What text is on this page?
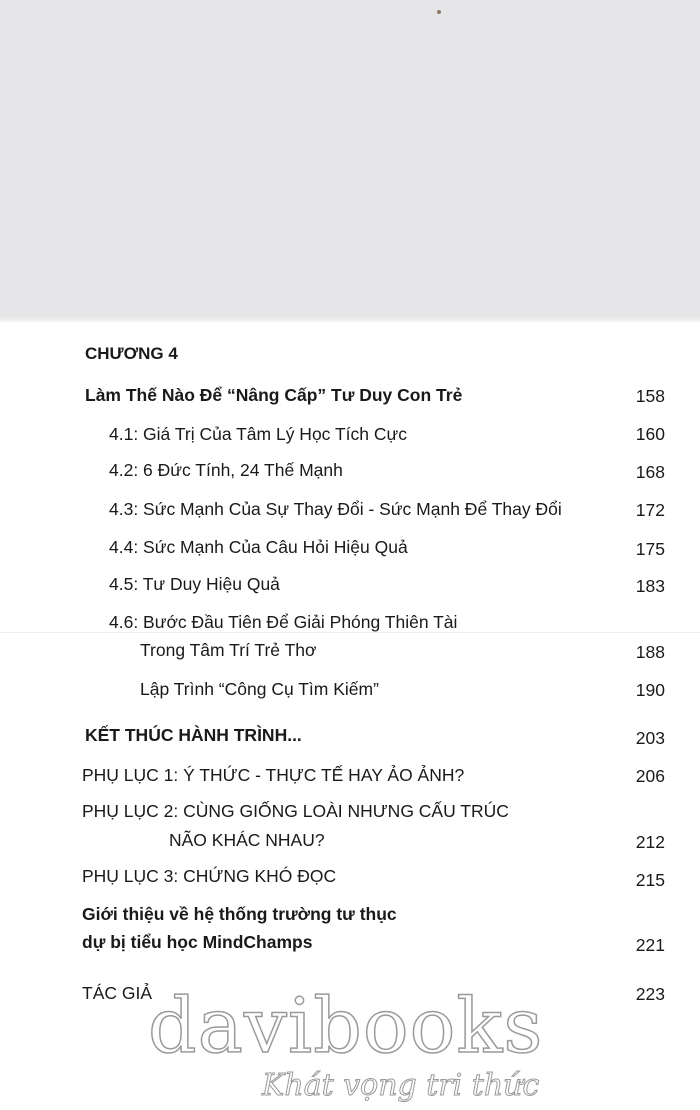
CHƯƠNG 4
Làm Thế Nào Để “Nâng Cấp” Tư Duy Con Trẻ	158
4.1: Giá Trị Của Tâm Lý Học Tích Cực	160
4.2: 6 Đức Tính, 24 Thế Mạnh	168
4.3: Sức Mạnh Của Sự Thay Đổi - Sức Mạnh Để Thay Đổi	172
4.4: Sức Mạnh Của Câu Hỏi Hiệu Quả	175
4.5: Tư Duy Hiệu Quả	183
4.6: Bước Đầu Tiên Để Giải Phóng Thiên Tài
Trong Tâm Trí Trẻ Thơ	188
Lập Trình “Công Cụ Tìm Kiếm”	190
KẾT THÚC HÀNH TRÌNH...	203
PHỤ LỤC 1: Ý THỨC - THỰC TẾ HAY ẢO ẢNH?	206
PHỤ LỤC 2: CÙNG GIỐNG LOÀI NHƯNG CẤU TRÚC
NÃO KHÁC NHAU?	212
PHỤ LỤC 3: CHỨNG KHÓ ĐỌC	215
Giới thiệu về hệ thống trường tư thục
dự bị tiểu học MindChamps	221
TÁC GIẢ	223
davibooks
Khát vọng tri thức
